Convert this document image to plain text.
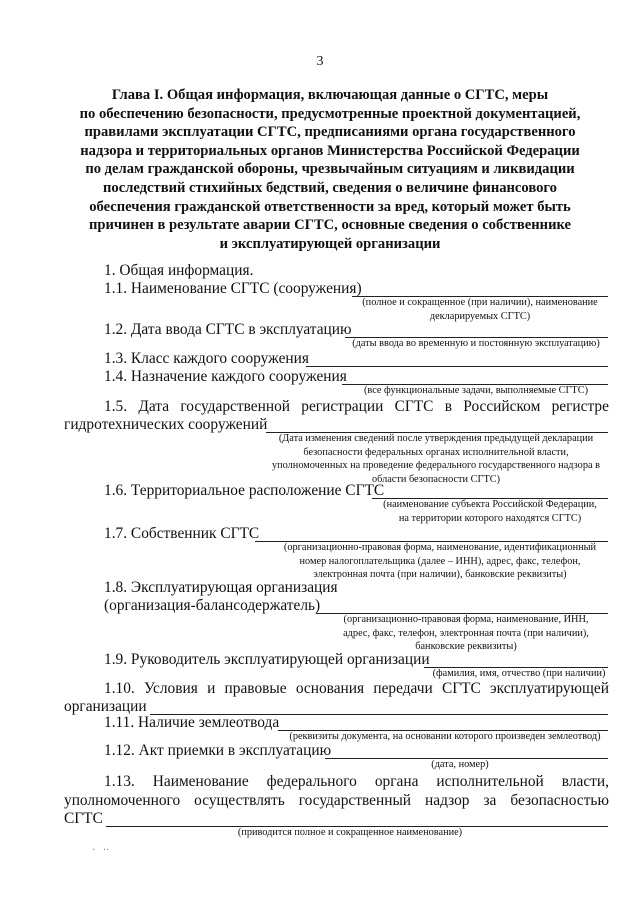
3
Глава I. Общая информация, включающая данные о СГТС, меры
по обеспечению безопасности, предусмотренные проектной документацией,
правилами эксплуатации СГТС, предписаниями органа государственного
надзора и территориальных органов Министерства Российской Федерации
по делам гражданской обороны, чрезвычайным ситуациям и ликвидации
последствий стихийных бедствий, сведения о величине финансового
обеспечения гражданской ответственности за вред, который может быть
причинен в результате аварии СГТС, основные сведения о собственнике
и эксплуатирующей организации
1. Общая информация.
1.1. Наименование СГТС (сооружения)
(полное и сокращенное (при наличии), наименование
декларируемых СГТС)
1.2. Дата ввода СГТС в эксплуатацию
(даты ввода во временную и постоянную эксплуатацию)
1.3. Класс каждого сооружения
1.4. Назначение каждого сооружения
(все функциональные задачи, выполняемые СГТС)
1.5. Дата государственной регистрации СГТС в Российском регистре
гидротехнических сооружений
(Дата изменения сведений после утверждения предыдущей декларации
безопасности федеральных органах исполнительной власти,
уполномоченных на проведение федерального государственного надзора в
области безопасности СГТС)
1.6. Территориальное расположение СГТС
(наименование субъекта Российской Федерации,
на территории которого находятся СГТС)
1.7. Собственник СГТС
(организационно-правовая форма, наименование, идентификационный
номер налогоплательщика (далее – ИНН), адрес, факс, телефон,
электронная почта (при наличии), банковские реквизиты)
1.8. Эксплуатирующая организация
(организация-балансодержатель)
(организационно-правовая форма, наименование, ИНН,
адрес, факс, телефон, электронная почта (при наличии),
банковские реквизиты)
1.9. Руководитель эксплуатирующей организации
(фамилия, имя, отчество (при наличии)
1.10. Условия и правовые основания передачи СГТС эксплуатирующей
организации
1.11. Наличие землеотвода
(реквизиты документа, на основании которого произведен землеотвод)
1.12. Акт приемки в эксплуатацию
(дата, номер)
1.13. Наименование федерального органа исполнительной власти,
уполномоченного осуществлять государственный надзор за безопасностью
СГТС
(приводится полное и сокращенное наименование)
·   ··
